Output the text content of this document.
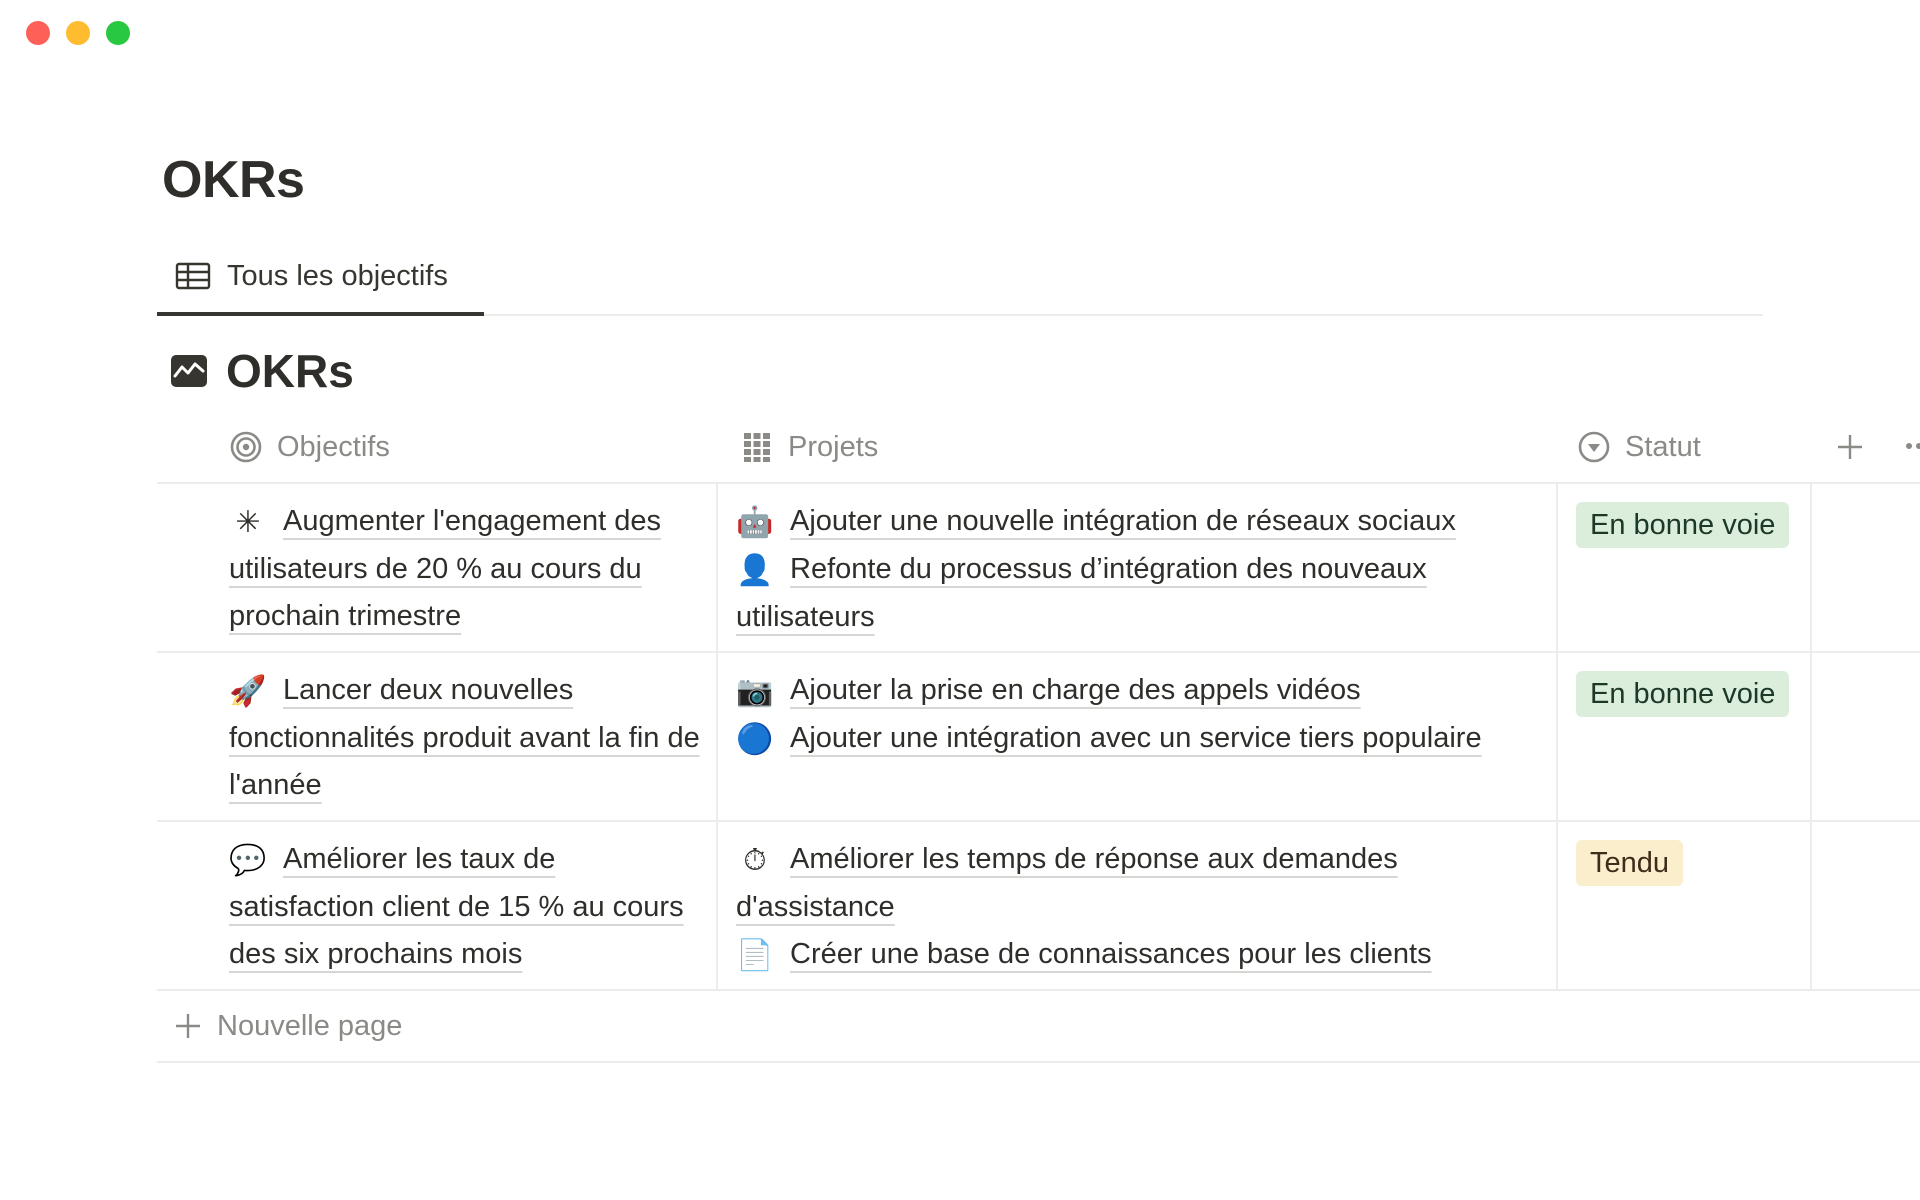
OKRs
Tous les objectifs
OKRs
Objectifs	Projets	Statut
✳ Augmenter l'engagement des utilisateurs de 20 % au cours du prochain trimestre
🤖 Ajouter une nouvelle intégration de réseaux sociaux
👤 Refonte du processus d’intégration des nouveaux utilisateurs
En bonne voie
🚀 Lancer deux nouvelles fonctionnalités produit avant la fin de l'année
📷 Ajouter la prise en charge des appels vidéos
🔵 Ajouter une intégration avec un service tiers populaire
En bonne voie
💬 Améliorer les taux de satisfaction client de 15 % au cours des six prochains mois
⏱ Améliorer les temps de réponse aux demandes d'assistance
📄 Créer une base de connaissances pour les clients
Tendu
Nouvelle page
